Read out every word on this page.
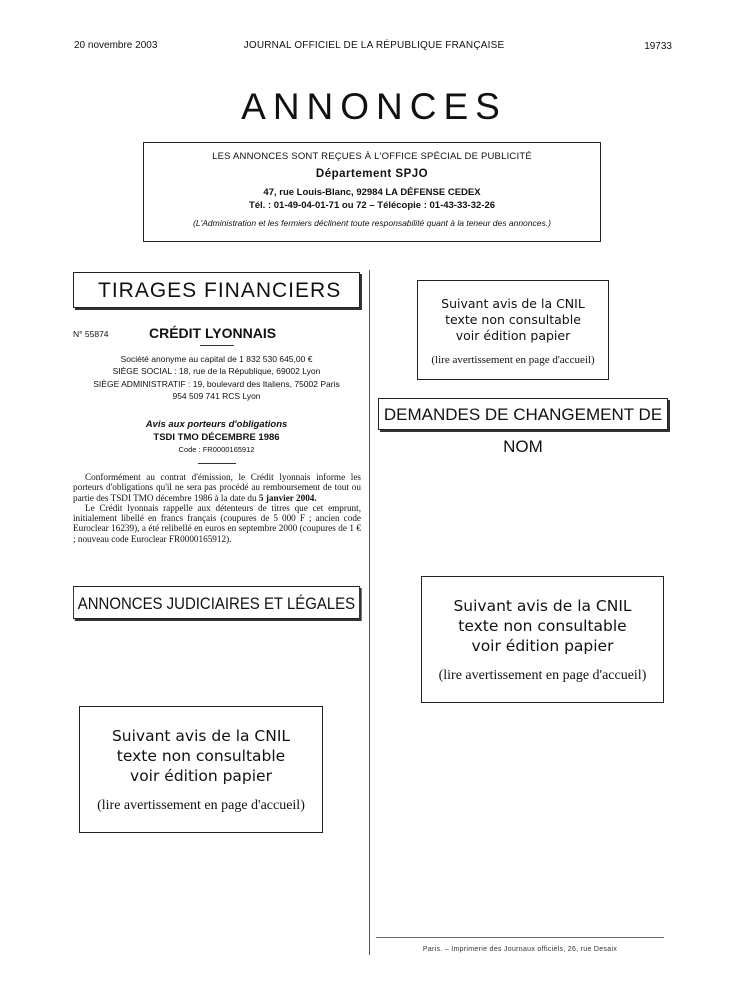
20 novembre 2003	JOURNAL OFFICIEL DE LA RÉPUBLIQUE FRANÇAISE	19733
ANNONCES
LES ANNONCES SONT REÇUES À L'OFFICE SPÉCIAL DE PUBLICITÉ
Département SPJO
47, rue Louis-Blanc, 92984 LA DÉFENSE CEDEX
Tél. : 01-49-04-01-71 ou 72 – Télécopie : 01-43-33-32-26
(L'Administration et les fermiers déclinent toute responsabilité quant à la teneur des annonces.)
TIRAGES FINANCIERS
N° 55874	CRÉDIT LYONNAIS
Société anonyme au capital de 1 832 530 645,00 €
SIÈGE SOCIAL : 18, rue de la République, 69002 Lyon
SIÈGE ADMINISTRATIF : 19, boulevard des Italiens, 75002 Paris
954 509 741 RCS Lyon
Avis aux porteurs d'obligations
TSDI TMO DÉCEMBRE 1986
Code : FR0000165912

Conformément au contrat d'émission, le Crédit lyonnais informe les porteurs d'obligations qu'il ne sera pas procédé au remboursement de tout ou partie des TSDI TMO décembre 1986 à la date du 5 janvier 2004.

Le Crédit lyonnais rappelle aux détenteurs de titres que cet emprunt, initialement libellé en francs français (coupures de 5 000 F ; ancien code Euroclear 16239), a été relibellé en euros en septembre 2000 (coupures de 1 € ; nouveau code Euroclear FR0000165912).

ANNONCES JUDICIAIRES ET LÉGALES
Suivant avis de la CNIL
texte non consultable
voir édition papier
(lire avertissement en page d'accueil)
DEMANDES DE CHANGEMENT DE NOM
Suivant avis de la CNIL
texte non consultable
voir édition papier
(lire avertissement en page d'accueil)
Suivant avis de la CNIL
texte non consultable
voir édition papier
(lire avertissement en page d'accueil)
Paris. – Imprimerie des Journaux officiels, 26, rue Desaix
